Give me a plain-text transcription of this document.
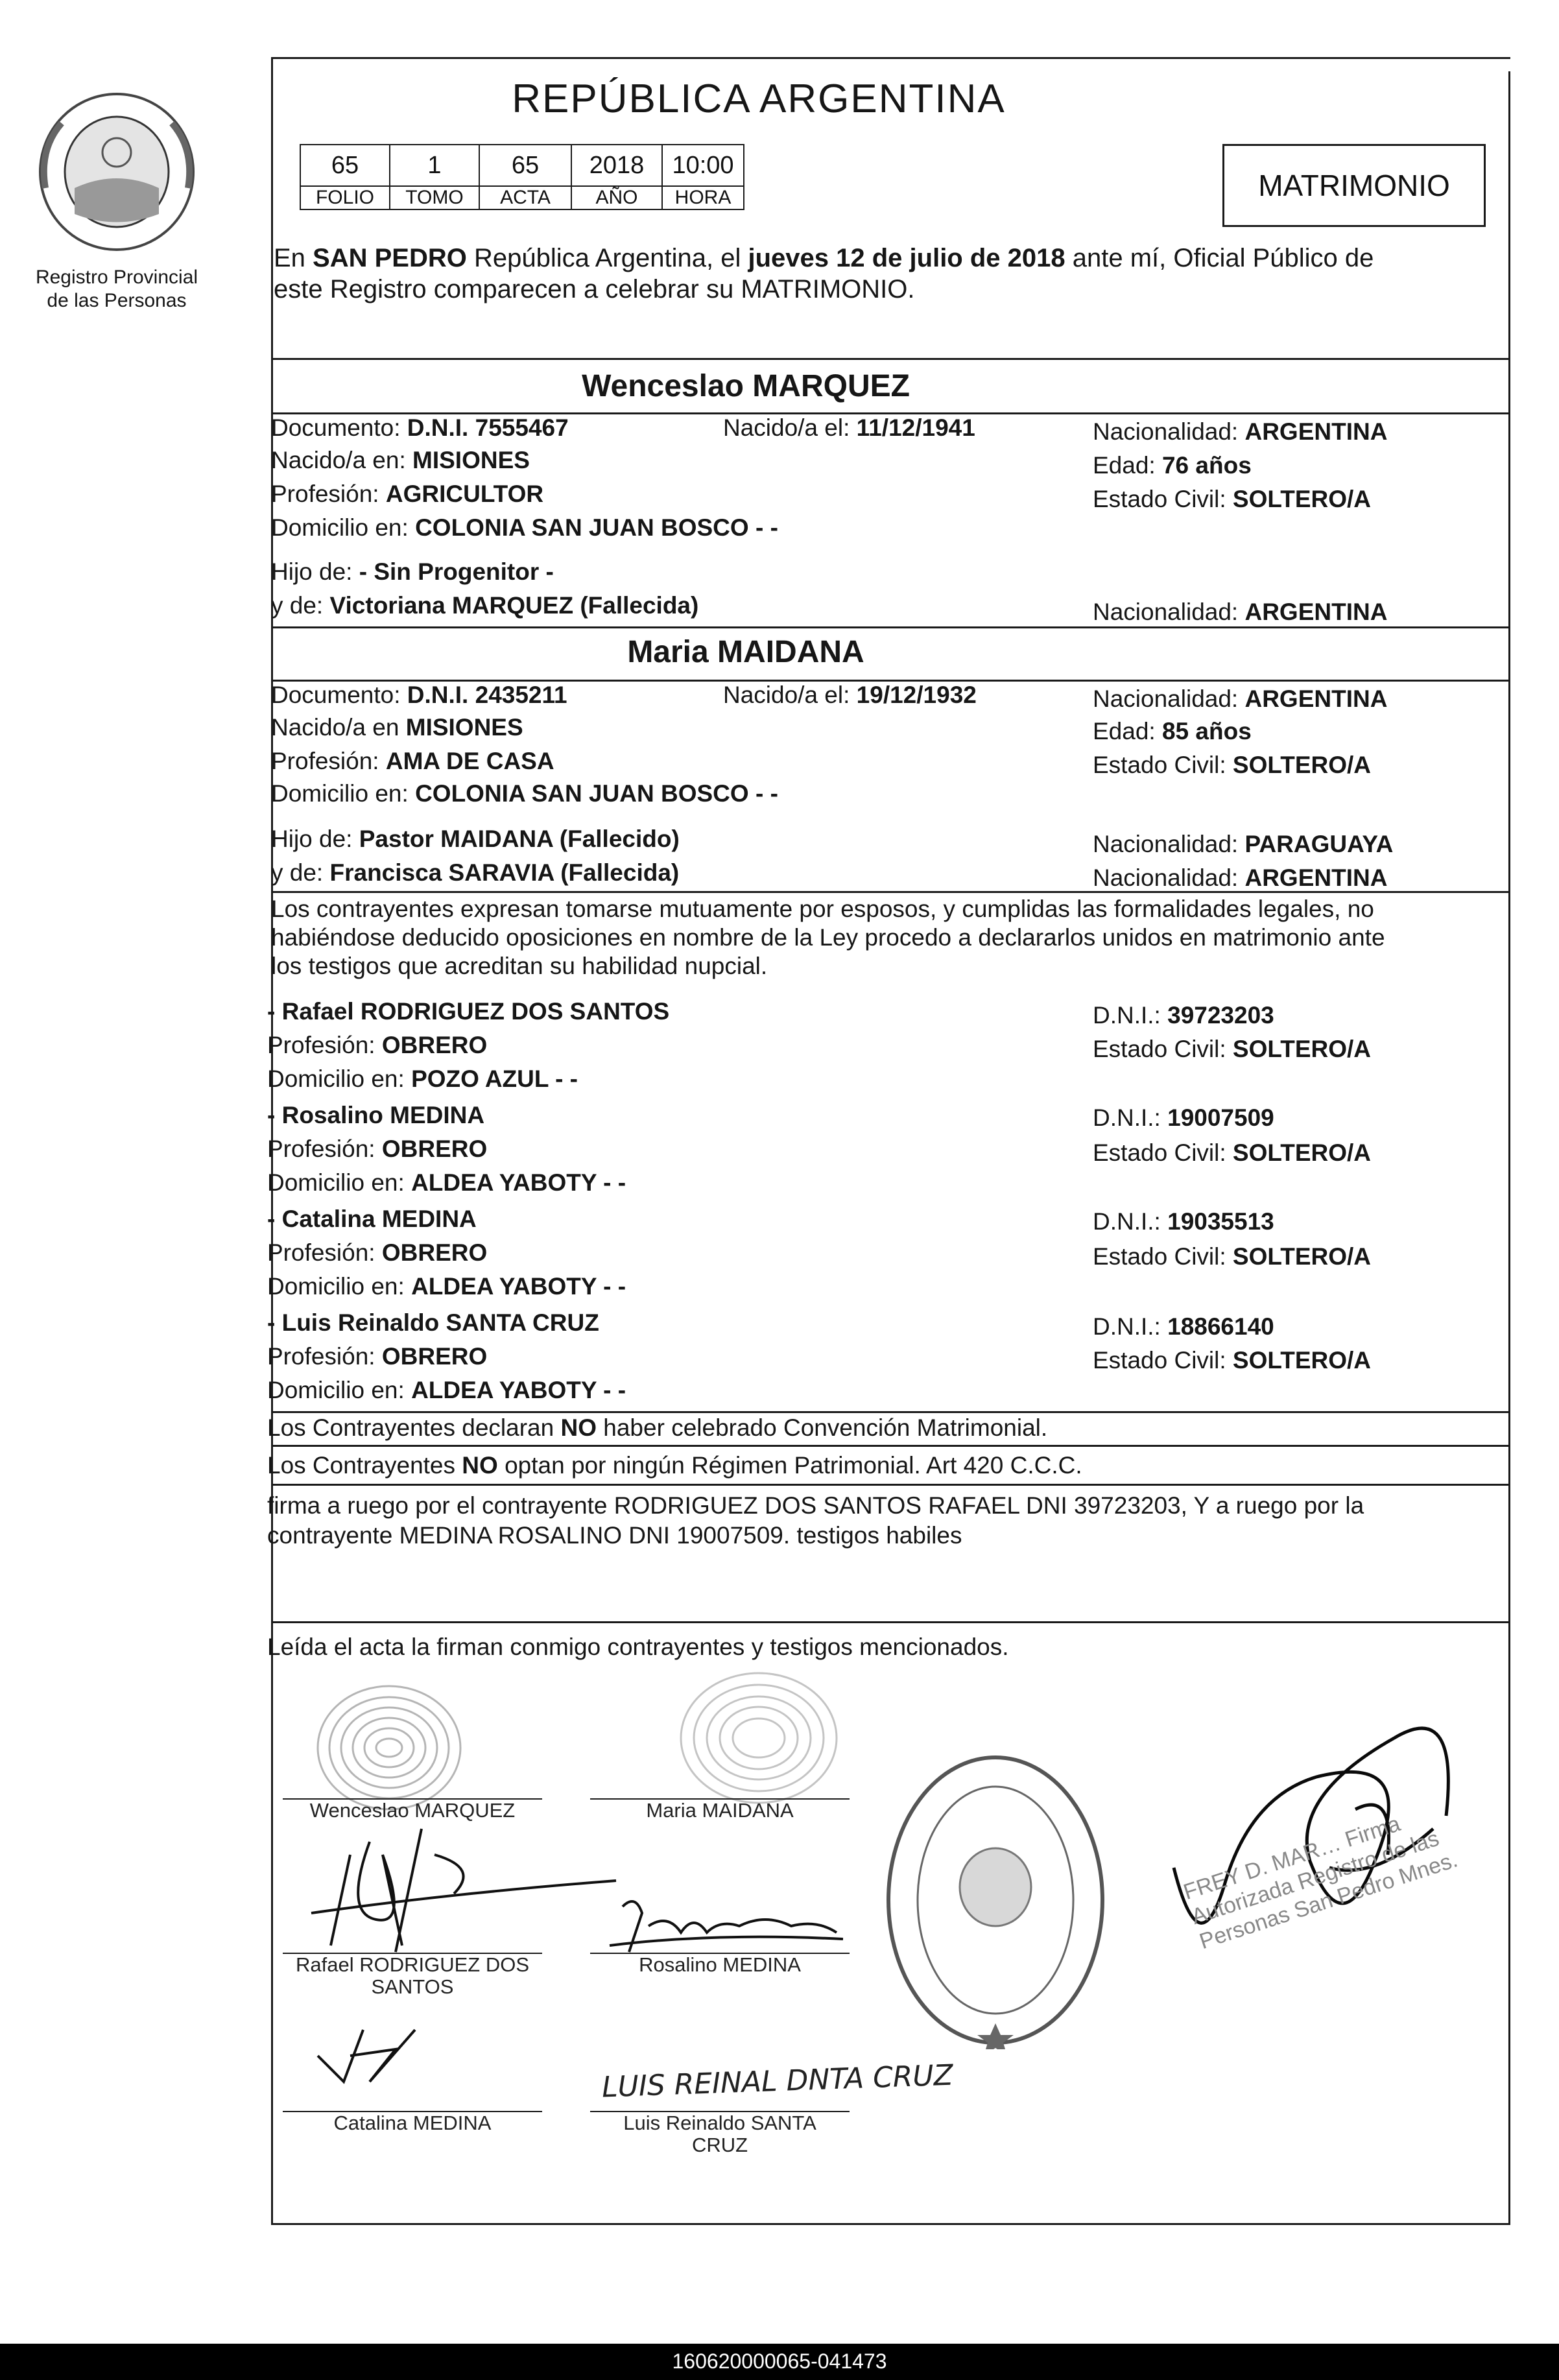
Registro Provincial
de las Personas
REPÚBLICA ARGENTINA
65	1	65	2018	10:00
FOLIO	TOMO	ACTA	AÑO	HORA	MATRIMONIO
En SAN PEDRO República Argentina, el jueves 12 de julio de 2018 ante mí, Oficial Público de
este Registro comparecen a celebrar su MATRIMONIO.
Wenceslao MARQUEZ
Documento: D.N.I. 7555467	Nacido/a el: 11/12/1941	Nacionalidad: ARGENTINA
Nacido/a en: MISIONES	Edad: 76 años
Profesión: AGRICULTOR	Estado Civil: SOLTERO/A
Domicilio en: COLONIA SAN JUAN BOSCO - -
Hijo de: - Sin Progenitor -
y de: Victoriana MARQUEZ (Fallecida)	Nacionalidad: ARGENTINA
Maria MAIDANA
Documento: D.N.I. 2435211	Nacido/a el: 19/12/1932	Nacionalidad: ARGENTINA
Nacido/a en MISIONES	Edad: 85 años
Profesión: AMA DE CASA	Estado Civil: SOLTERO/A
Domicilio en: COLONIA SAN JUAN BOSCO - -
Hijo de: Pastor MAIDANA (Fallecido)	Nacionalidad: PARAGUAYA
y de: Francisca SARAVIA (Fallecida)	Nacionalidad: ARGENTINA
Los contrayentes expresan tomarse mutuamente por esposos, y cumplidas las formalidades legales, no
habiéndose deducido oposiciones en nombre de la Ley procedo a declararlos unidos en matrimonio ante
los testigos que acreditan su habilidad nupcial.
- Rafael RODRIGUEZ DOS SANTOS	D.N.I.: 39723203
Profesión: OBRERO	Estado Civil: SOLTERO/A
Domicilio en: POZO AZUL - -
- Rosalino MEDINA	D.N.I.: 19007509
Profesión: OBRERO	Estado Civil: SOLTERO/A
Domicilio en: ALDEA YABOTY - -
- Catalina MEDINA	D.N.I.: 19035513
Profesión: OBRERO	Estado Civil: SOLTERO/A
Domicilio en: ALDEA YABOTY - -
- Luis Reinaldo SANTA CRUZ	D.N.I.: 18866140
Profesión: OBRERO	Estado Civil: SOLTERO/A
Domicilio en: ALDEA YABOTY - -
Los Contrayentes declaran NO haber celebrado Convención Matrimonial.
Los Contrayentes NO optan por ningún Régimen Patrimonial. Art 420 C.C.C.
firma a ruego por el contrayente RODRIGUEZ DOS SANTOS RAFAEL DNI 39723203, Y a ruego por la
contrayente MEDINA ROSALINO DNI 19007509. testigos habiles
Leída el acta la firman conmigo contrayentes y testigos mencionados.
Wenceslao MARQUEZ	Maria MAIDANA
Rafael RODRIGUEZ DOS
SANTOS
Rosalino MEDINA
Catalina MEDINA	Luis Reinaldo SANTA
CRUZ
LUIS REINAL DNTA CRUZ
FREY D. MAR… Firma Autorizada Registro de las Personas San Pedro Mnes.
160620000065-041473
